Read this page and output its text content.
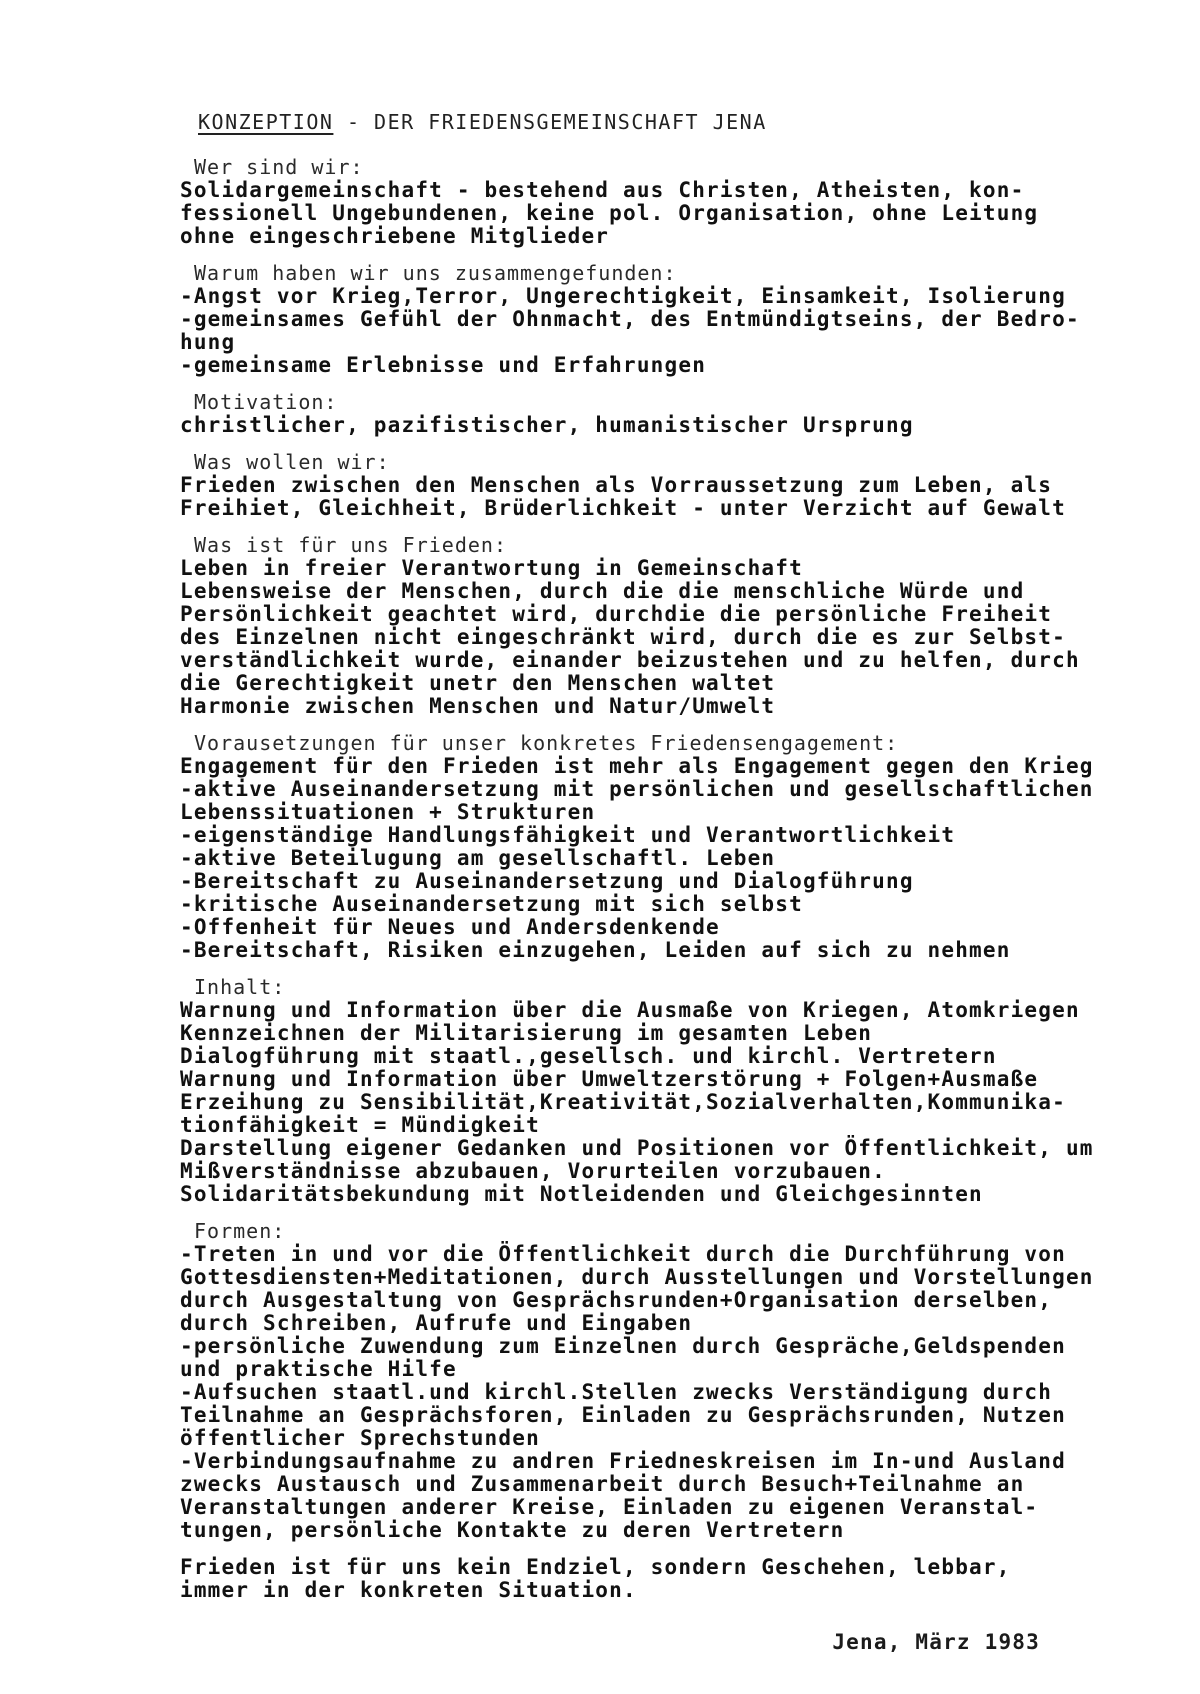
KONZEPTION - DER FRIEDENSGEMEINSCHAFT JENA
Wer sind wir:
Solidargemeinschaft - bestehend aus Christen, Atheisten, kon-
fessionell Ungebundenen, keine pol. Organisation, ohne Leitung
ohne eingeschriebene Mitglieder
Warum haben wir uns zusammengefunden:
-Angst vor Krieg,Terror, Ungerechtigkeit, Einsamkeit, Isolierung
-gemeinsames Gefühl der Ohnmacht, des Entmündigtseins, der Bedro-
hung
-gemeinsame Erlebnisse und Erfahrungen
Motivation:
christlicher, pazifistischer, humanistischer Ursprung
Was wollen wir:
Frieden zwischen den Menschen als Vorraussetzung zum Leben, als
Freihiet, Gleichheit, Brüderlichkeit - unter Verzicht auf Gewalt
Was ist für uns Frieden:
Leben in freier Verantwortung in Gemeinschaft
Lebensweise der Menschen, durch die die menschliche Würde und
Persönlichkeit geachtet wird, durchdie die persönliche Freiheit
des Einzelnen nicht eingeschränkt wird, durch die es zur Selbst-
verständlichkeit wurde, einander beizustehen und zu helfen, durch
die Gerechtigkeit unetr den Menschen waltet
Harmonie zwischen Menschen und Natur/Umwelt
Vorausetzungen für unser konkretes Friedensengagement:
Engagement für den Frieden ist mehr als Engagement gegen den Krieg
-aktive Auseinandersetzung mit persönlichen und gesellschaftlichen
Lebenssituationen + Strukturen
-eigenständige Handlungsfähigkeit und Verantwortlichkeit
-aktive Beteilugung am gesellschaftl. Leben
-Bereitschaft zu Auseinandersetzung und Dialogführung
-kritische Auseinandersetzung mit sich selbst
-Offenheit für Neues und Andersdenkende
-Bereitschaft, Risiken einzugehen, Leiden auf sich zu nehmen
Inhalt:
Warnung und Information über die Ausmaße von Kriegen, Atomkriegen
Kennzeichnen der Militarisierung im gesamten Leben
Dialogführung mit staatl.,gesellsch. und kirchl. Vertretern
Warnung und Information über Umweltzerstörung + Folgen+Ausmaße
Erzeihung zu Sensibilität,Kreativität,Sozialverhalten,Kommunika-
tionfähigkeit = Mündigkeit
Darstellung eigener Gedanken und Positionen vor Öffentlichkeit, um
Mißverständnisse abzubauen, Vorurteilen vorzubauen.
Solidaritätsbekundung mit Notleidenden und Gleichgesinnten
Formen:
-Treten in und vor die Öffentlichkeit durch die Durchführung von
Gottesdiensten+Meditationen, durch Ausstellungen und Vorstellungen
durch Ausgestaltung von Gesprächsrunden+Organisation derselben,
durch Schreiben, Aufrufe und Eingaben
-persönliche Zuwendung zum Einzelnen durch Gespräche,Geldspenden
und praktische Hilfe
-Aufsuchen staatl.und kirchl.Stellen zwecks Verständigung durch
Teilnahme an Gesprächsforen, Einladen zu Gesprächsrunden, Nutzen
öffentlicher Sprechstunden
-Verbindungsaufnahme zu andren Friedneskreisen im In-und Ausland
zwecks Austausch und Zusammenarbeit durch Besuch+Teilnahme an
Veranstaltungen anderer Kreise, Einladen zu eigenen Veranstal-
tungen, persönliche Kontakte zu deren Vertretern
Frieden ist für uns kein Endziel, sondern Geschehen, lebbar,
immer in der konkreten Situation.
Jena, März 1983
